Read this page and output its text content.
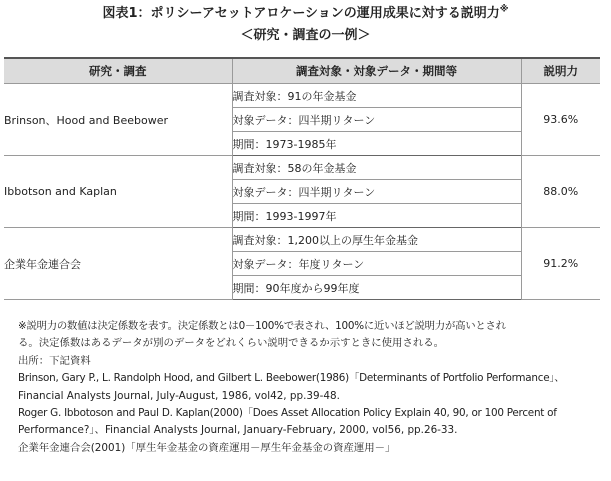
図表1：ポリシーアセットアロケーションの運用成果に対する説明力※
＜研究・調査の一例＞
研究・調査	調査対象・対象データ・期間等	説明力
Brinson、Hood and Beebower	調査対象：91の年金基金	93.6%
	対象データ：四半期リターン	
	期間：1973-1985年	
Ibbotson and Kaplan	調査対象：58の年金基金	88.0%
	対象データ：四半期リターン	
	期間：1993-1997年	
企業年金連合会	調査対象：1,200以上の厚生年金基金	91.2%
	対象データ：年度リターン	
	期間：90年度から99年度	
※説明力の数値は決定係数を表す。決定係数とは0－100%で表され、100%に近いほど説明力が高いとされ
る。決定係数はあるデータが別のデータをどれくらい説明できるか示すときに使用される。
出所：下記資料
Brinson, Gary P., L. Randolph Hood, and Gilbert L. Beebower(1986)「Determinants of Portfolio Performance」、
Financial Analysts Journal, July-August, 1986, vol42, pp.39-48.
Roger G. Ibbotoson and Paul D. Kaplan(2000)「Does Asset Allocation Policy Explain 40, 90, or 100 Percent of
Performance?」、Financial Analysts Journal, January-February, 2000, vol56, pp.26-33.
企業年金連合会(2001)「厚生年金基金の資産運用－厚生年金基金の資産運用－」
